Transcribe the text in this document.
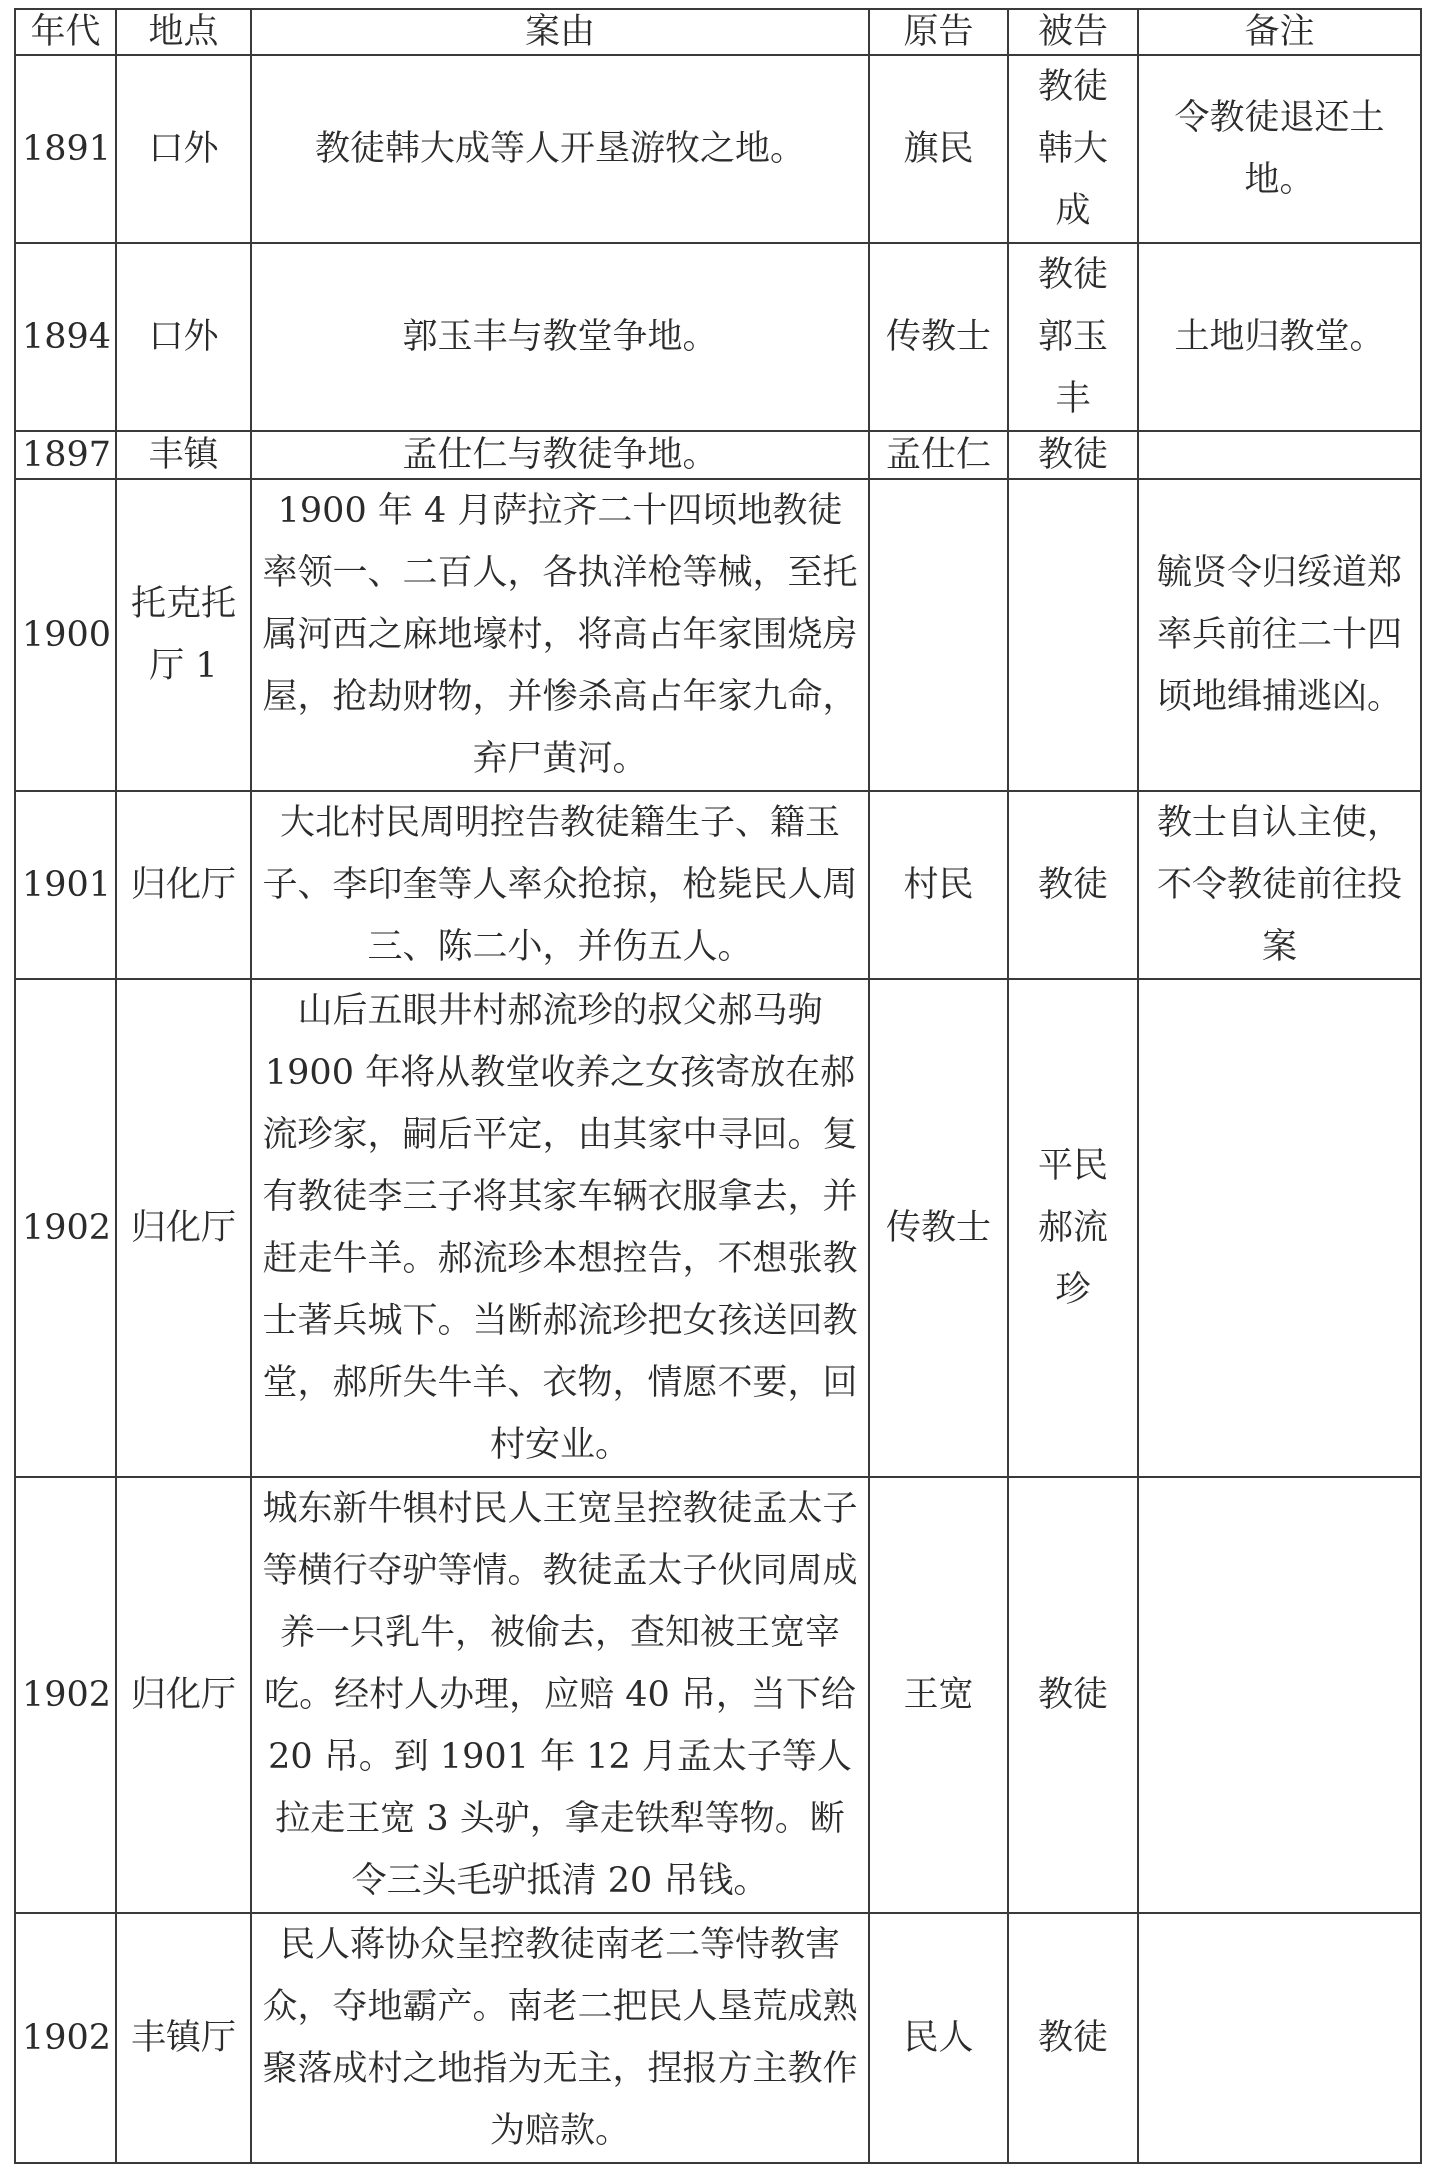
年代	地点	案由	原告	被告	备注
1891	口外	教徒韩大成等人开垦游牧之地。	旗民	教徒韩大成	令教徒退还土地。
1894	口外	郭玉丰与教堂争地。	传教士	教徒郭玉丰	土地归教堂。
1897	丰镇	孟仕仁与教徒争地。	孟仕仁	教徒	
1900	托克托厅 1	1900 年 4 月萨拉齐二十四顷地教徒率领一、二百人，各执洋枪等械，至托属河西之麻地壕村，将高占年家围烧房屋，抢劫财物，并惨杀高占年家九命，弃尸黄河。			毓贤令归绥道郑率兵前往二十四顷地缉捕逃凶。
1901	归化厅	大北村民周明控告教徒籍生子、籍玉子、李印奎等人率众抢掠，枪毙民人周三、陈二小，并伤五人。	村民	教徒	教士自认主使，不令教徒前往投案
1902	归化厅	山后五眼井村郝流珍的叔父郝马驹 1900 年将从教堂收养之女孩寄放在郝流珍家，嗣后平定，由其家中寻回。复有教徒李三子将其家车辆衣服拿去，并赶走牛羊。郝流珍本想控告，不想张教士著兵城下。当断郝流珍把女孩送回教堂，郝所失牛羊、衣物，情愿不要，回村安业。	传教士	平民郝流珍	
1902	归化厅	城东新牛犋村民人王宽呈控教徒孟太子等横行夺驴等情。教徒孟太子伙同周成养一只乳牛，被偷去，查知被王宽宰吃。经村人办理，应赔 40 吊，当下给 20 吊。到 1901 年 12 月孟太子等人拉走王宽 3 头驴，拿走铁犁等物。断令三头毛驴抵清 20 吊钱。	王宽	教徒	
1902	丰镇厅	民人蒋协众呈控教徒南老二等恃教害众，夺地霸产。南老二把民人垦荒成熟聚落成村之地指为无主，捏报方主教作为赔款。	民人	教徒	
